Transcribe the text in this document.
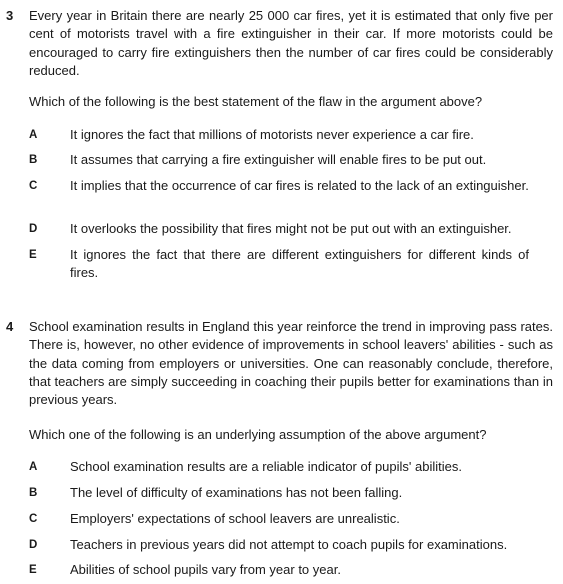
3 Every year in Britain there are nearly 25 000 car fires, yet it is estimated that only five per cent of motorists travel with a fire extinguisher in their car. If more motorists could be encouraged to carry fire extinguishers then the number of car fires could be considerably reduced.

Which of the following is the best statement of the flaw in the argument above?

A	It ignores the fact that millions of motorists never experience a car fire.

B	It assumes that carrying a fire extinguisher will enable fires to be put out.

C	It implies that the occurrence of car fires is related to the lack of an extinguisher.

D	It overlooks the possibility that fires might not be put out with an extinguisher.

E	It ignores the fact that there are different extinguishers for different kinds of fires.

4 School examination results in England this year reinforce the trend in improving pass rates. There is, however, no other evidence of improvements in school leavers' abilities - such as the data coming from employers or universities. One can reasonably conclude, therefore, that teachers are simply succeeding in coaching their pupils better for examinations than in previous years.

Which one of the following is an underlying assumption of the above argument?

A	School examination results are a reliable indicator of pupils' abilities.

B	The level of difficulty of examinations has not been falling.

C	Employers' expectations of school leavers are unrealistic.

D	Teachers in previous years did not attempt to coach pupils for examinations.

E	Abilities of school pupils vary from year to year.
